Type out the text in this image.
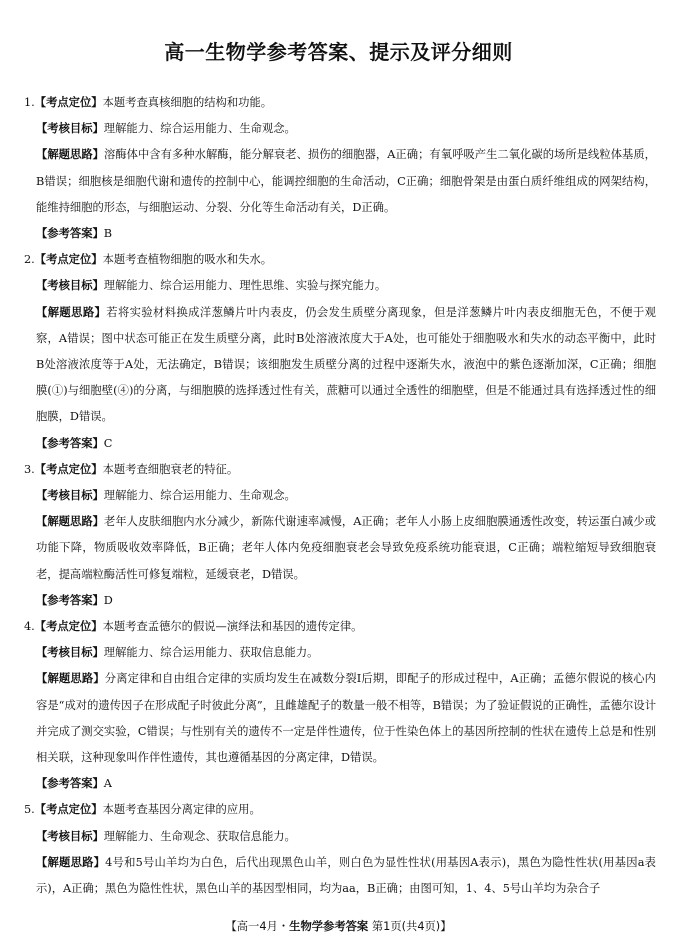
高一生物学参考答案、提示及评分细则

1.【考点定位】本题考查真核细胞的结构和功能。

【考核目标】理解能力、综合运用能力、生命观念。

【解题思路】溶酶体中含有多种水解酶，能分解衰老、损伤的细胞器，A正确；有氧呼吸产生二氧化碳的场所是线粒体基质，B错误；细胞核是细胞代谢和遗传的控制中心，能调控细胞的生命活动，C正确；细胞骨架是由蛋白质纤维组成的网架结构，能维持细胞的形态，与细胞运动、分裂、分化等生命活动有关，D正确。

【参考答案】B

2.【考点定位】本题考查植物细胞的吸水和失水。

【考核目标】理解能力、综合运用能力、理性思维、实验与探究能力。

【解题思路】若将实验材料换成洋葱鳞片叶内表皮，仍会发生质壁分离现象，但是洋葱鳞片叶内表皮细胞无色，不便于观察，A错误；图中状态可能正在发生质壁分离，此时B处溶液浓度大于A处，也可能处于细胞吸水和失水的动态平衡中，此时B处溶液浓度等于A处，无法确定，B错误；该细胞发生质壁分离的过程中逐渐失水，液泡中的紫色逐渐加深，C正确；细胞膜(①)与细胞壁(④)的分离，与细胞膜的选择透过性有关，蔗糖可以通过全透性的细胞壁，但是不能通过具有选择透过性的细胞膜，D错误。

【参考答案】C

3.【考点定位】本题考查细胞衰老的特征。

【考核目标】理解能力、综合运用能力、生命观念。

【解题思路】老年人皮肤细胞内水分减少，新陈代谢速率减慢，A正确；老年人小肠上皮细胞膜通透性改变，转运蛋白减少或功能下降，物质吸收效率降低，B正确；老年人体内免疫细胞衰老会导致免疫系统功能衰退，C正确；端粒缩短导致细胞衰老，提高端粒酶活性可修复端粒，延缓衰老，D错误。

【参考答案】D

4.【考点定位】本题考查孟德尔的假说—演绎法和基因的遗传定律。

【考核目标】理解能力、综合运用能力、获取信息能力。

【解题思路】分离定律和自由组合定律的实质均发生在减数分裂Ⅰ后期，即配子的形成过程中，A正确；孟德尔假说的核心内容是“成对的遗传因子在形成配子时彼此分离”，且雌雄配子的数量一般不相等，B错误；为了验证假说的正确性，孟德尔设计并完成了测交实验，C错误；与性别有关的遗传不一定是伴性遗传，位于性染色体上的基因所控制的性状在遗传上总是和性别相关联，这种现象叫作伴性遗传，其也遵循基因的分离定律，D错误。

【参考答案】A

5.【考点定位】本题考查基因分离定律的应用。

【考核目标】理解能力、生命观念、获取信息能力。

【解题思路】4号和5号山羊均为白色，后代出现黑色山羊，则白色为显性性状(用基因A表示)，黑色为隐性性状(用基因a表示)，A正确；黑色为隐性性状，黑色山羊的基因型相同，均为aa，B正确；由图可知，1、4、5号山羊均为杂合子

【高一4月・生物学参考答案 第1页(共4页)】
